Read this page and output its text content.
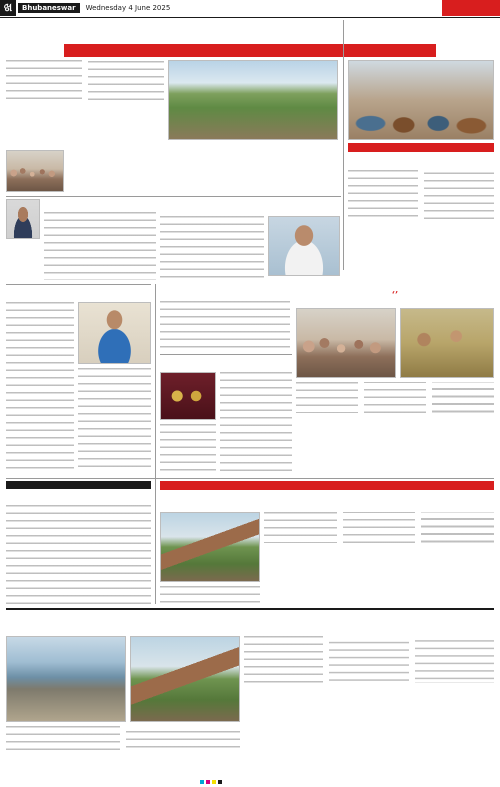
ଖ	Bhubaneswar	Wednesday 4 June 2025
‘’
